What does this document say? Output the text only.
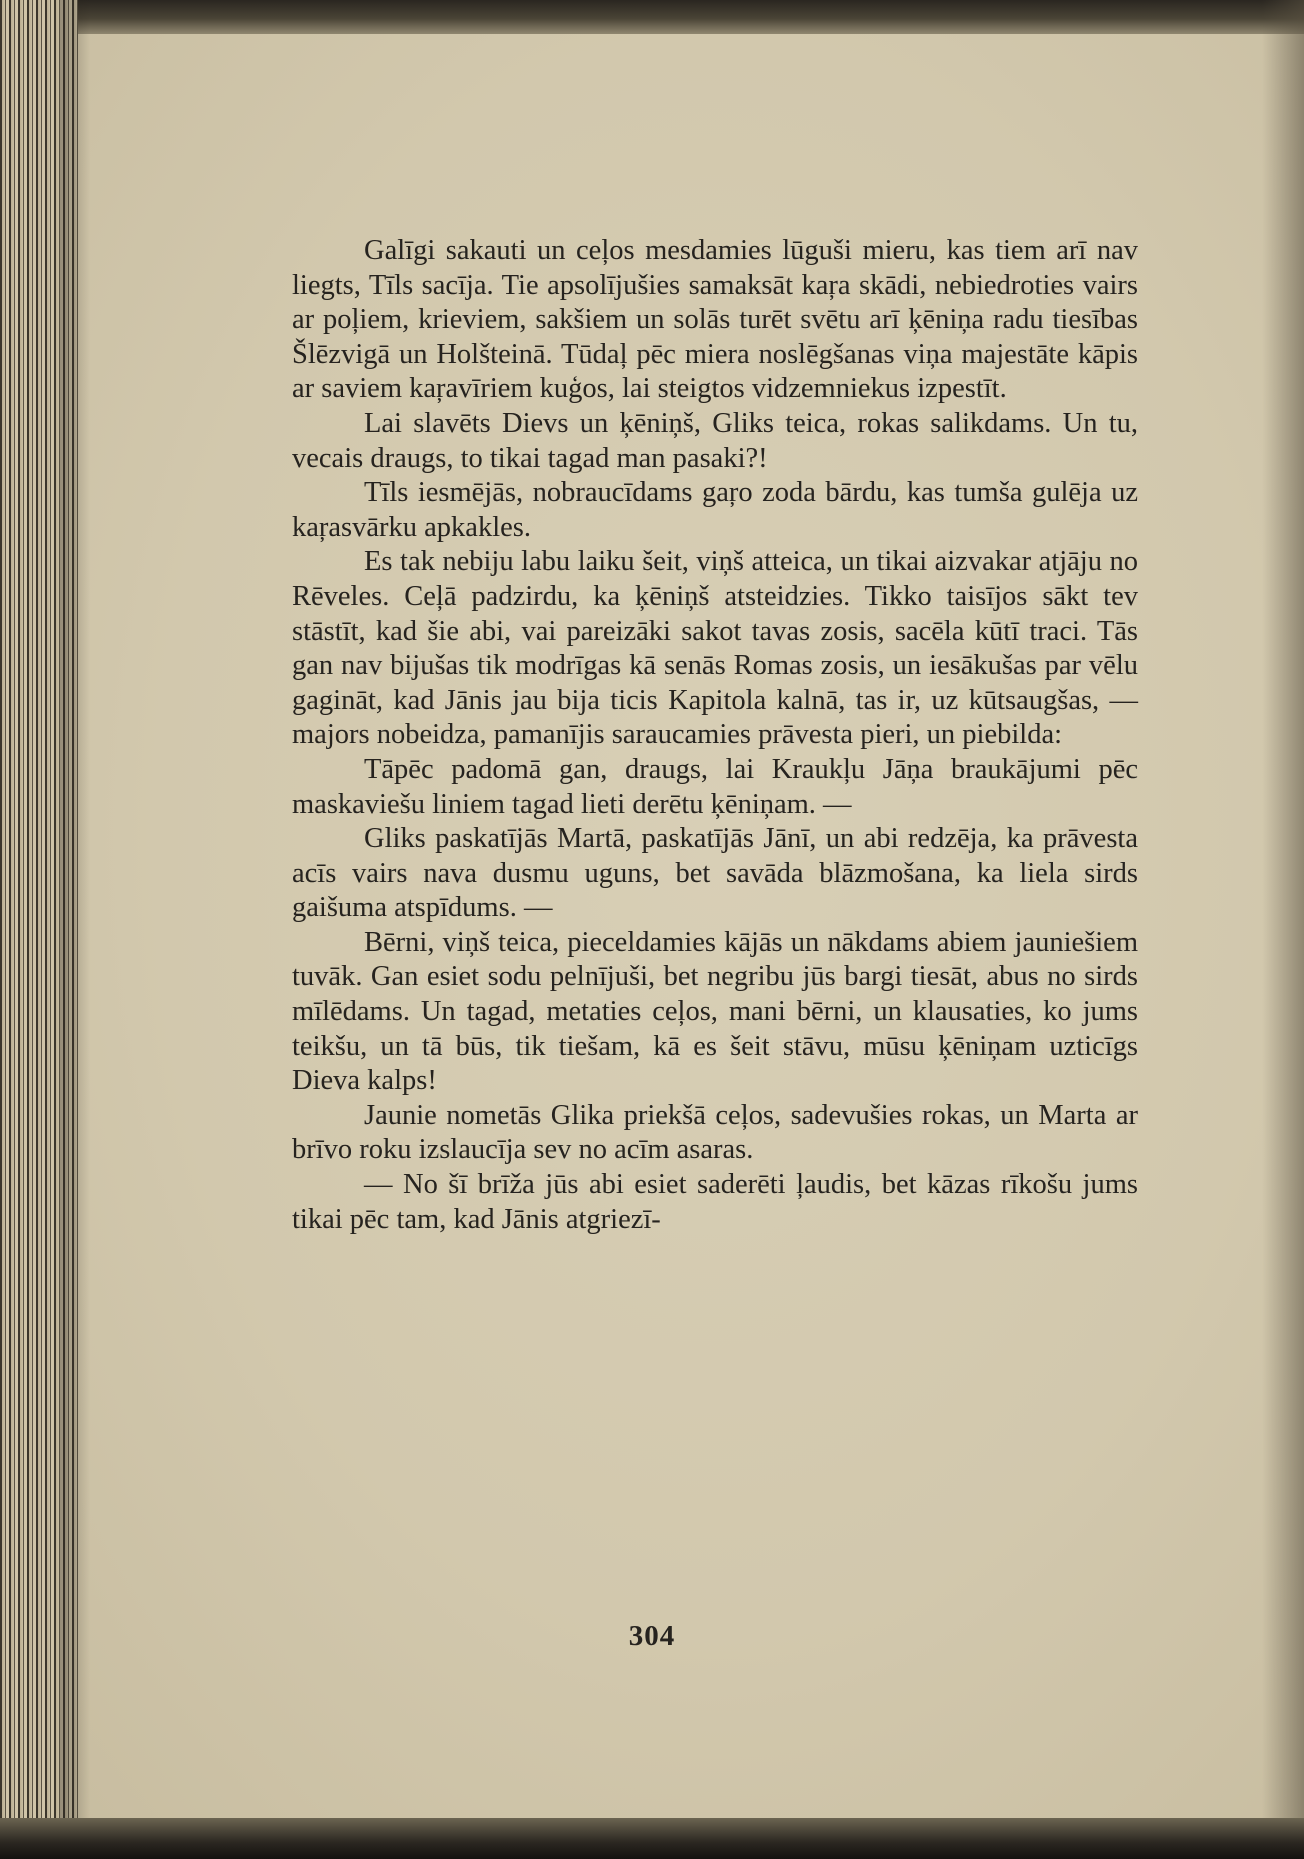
Galīgi sakauti un ceļos mesdamies lūguši mieru, kas tiem arī nav liegts, Tīls sacīja. Tie apsolījušies samaksāt kaŗa skādi, nebiedroties vairs ar poļiem, krieviem, sakšiem un solās turēt svētu arī ķēniņa radu tiesības Šlēzvigā un Holšteinā. Tūdaļ pēc miera noslēgšanas viņa majestāte kāpis ar saviem kaŗavīriem kuģos, lai steigtos vidzemniekus izpestīt.

Lai slavēts Dievs un ķēniņš, Gliks teica, rokas salikdams. Un tu, vecais draugs, to tikai tagad man pasaki?!

Tīls iesmējās, nobraucīdams gaŗo zoda bārdu, kas tumša gulēja uz kaŗasvārku apkakles.

Es tak nebiju labu laiku šeit, viņš atteica, un tikai aizvakar atjāju no Rēveles. Ceļā padzirdu, ka ķēniņš atsteidzies. Tikko taisījos sākt tev stāstīt, kad šie abi, vai pareizāki sakot tavas zosis, sacēla kūtī traci. Tās gan nav bijušas tik modrīgas kā senās Romas zosis, un iesākušas par vēlu gagināt, kad Jānis jau bija ticis Kapitola kalnā, tas ir, uz kūtsaugšas, — majors nobeidza, pamanījis saraucamies prāvesta pieri, un piebilda:

Tāpēc padomā gan, draugs, lai Kraukļu Jāņa braukājumi pēc maskaviešu liniem tagad lieti derētu ķēniņam. —

Gliks paskatījās Martā, paskatījās Jānī, un abi redzēja, ka prāvesta acīs vairs nava dusmu uguns, bet savāda blāzmošana, ka liela sirds gaišuma atspīdums. —

Bērni, viņš teica, pieceldamies kājās un nākdams abiem jauniešiem tuvāk. Gan esiet sodu pelnījuši, bet negribu jūs bargi tiesāt, abus no sirds mīlēdams. Un tagad, metaties ceļos, mani bērni, un klausaties, ko jums teikšu, un tā būs, tik tiešam, kā es šeit stāvu, mūsu ķēniņam uzticīgs Dieva kalps!

Jaunie nometās Glika priekšā ceļos, sadevušies rokas, un Marta ar brīvo roku izslaucīja sev no acīm asaras.

— No šī brīža jūs abi esiet saderēti ļaudis, bet kāzas rīkošu jums tikai pēc tam, kad Jānis atgriezī-

304
